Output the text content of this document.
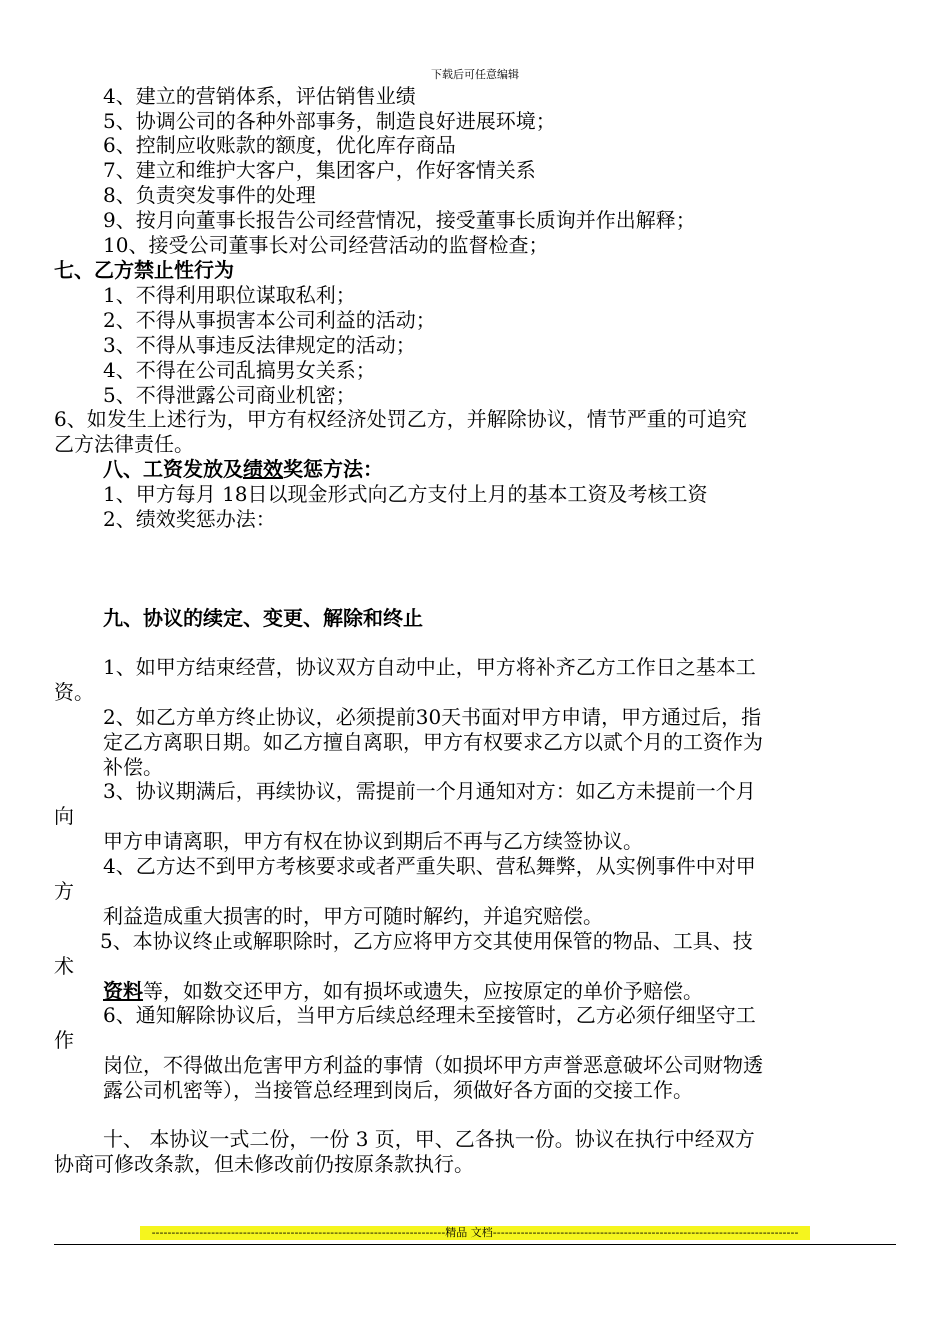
下载后可任意编辑
4、建立的营销体系，评估销售业绩
5、协调公司的各种外部事务，制造良好进展环境；
6、控制应收账款的额度，优化库存商品
7、建立和维护大客户，集团客户，作好客情关系
8、负责突发事件的处理
9、按月向董事长报告公司经营情况，接受董事长质询并作出解释；
10、接受公司董事长对公司经营活动的监督检查；
七、乙方禁止性行为
1、不得利用职位谋取私利；
2、不得从事损害本公司利益的活动；
3、不得从事违反法律规定的活动；
4、不得在公司乱搞男女关系；
5、不得泄露公司商业机密；
6、如发生上述行为，甲方有权经济处罚乙方，并解除协议，情节严重的可追究
乙方法律责任。
八、工资发放及绩效奖惩方法：
1、甲方每月 18日以现金形式向乙方支付上月的基本工资及考核工资
2、绩效奖惩办法：
九、协议的续定、变更、解除和终止
1、如甲方结束经营，协议双方自动中止，甲方将补齐乙方工作日之基本工
资。
2、如乙方单方终止协议，必须提前30天书面对甲方申请，甲方通过后，指
定乙方离职日期。如乙方擅自离职，甲方有权要求乙方以贰个月的工资作为
补偿。
3、协议期满后，再续协议，需提前一个月通知对方：如乙方未提前一个月
向
甲方申请离职，甲方有权在协议到期后不再与乙方续签协议。
4、乙方达不到甲方考核要求或者严重失职、营私舞弊，从实例事件中对甲
方
利益造成重大损害的时，甲方可随时解约，并追究赔偿。
5、本协议终止或解职除时，乙方应将甲方交其使用保管的物品、工具、技
术
资料等，如数交还甲方，如有损坏或遗失，应按原定的单价予赔偿。
6、通知解除协议后，当甲方后续总经理未至接管时，乙方必须仔细坚守工
作
岗位，不得做出危害甲方利益的事情（如损坏甲方声誉恶意破坏公司财物透
露公司机密等），当接管总经理到岗后，须做好各方面的交接工作。
十、 本协议一式二份，一份 3 页，甲、乙各执一份。协议在执行中经双方
协商可修改条款，但未修改前仍按原条款执行。
--------------------------------------------------------------------------精品 文档-----------------------------------------------------------------------------
